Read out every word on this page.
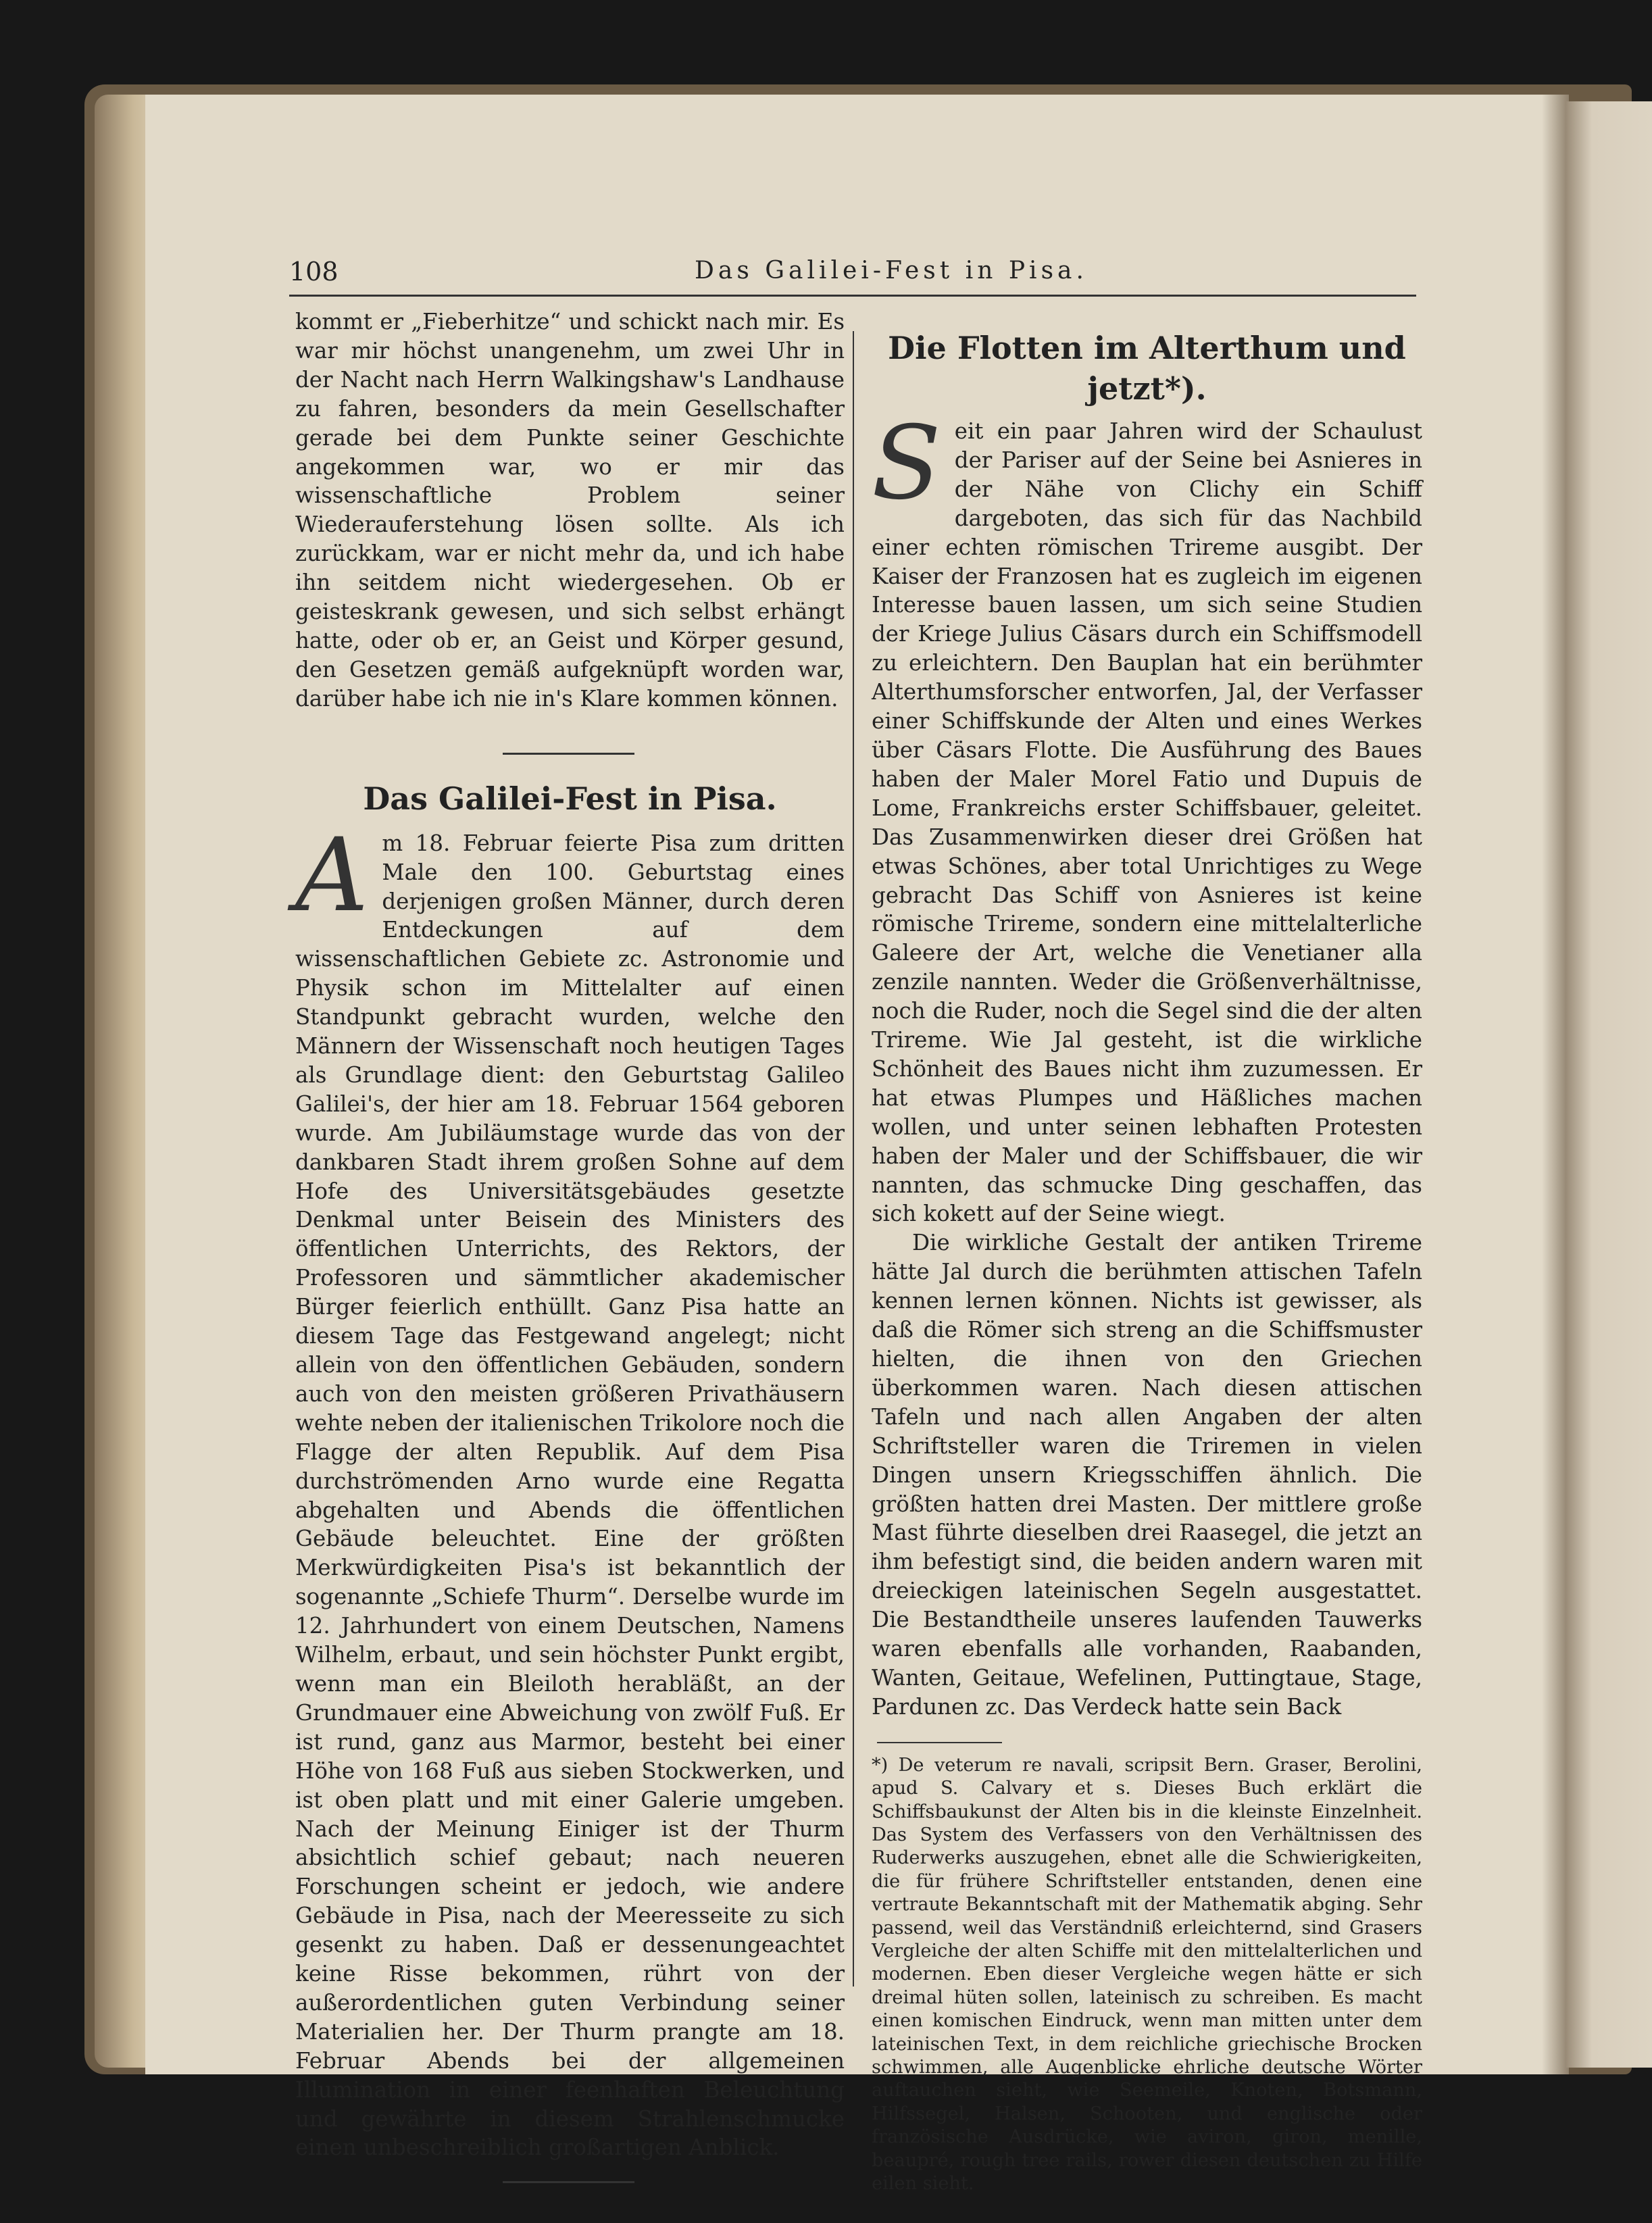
108	Das Galilei-Fest in Pisa.

kommt er „Fieberhitze“ und schickt nach mir. Es war mir höchst unangenehm, um zwei Uhr in der Nacht nach Herrn Walkingshaw's Landhause zu fahren, besonders da mein Gesellschafter gerade bei dem Punkte seiner Geschichte angekommen war, wo er mir das wissenschaftliche Problem seiner Wiederauferstehung lösen sollte. Als ich zurückkam, war er nicht mehr da, und ich habe ihn seitdem nicht wiedergesehen. Ob er geisteskrank gewesen, und sich selbst erhängt hatte, oder ob er, an Geist und Körper gesund, den Gesetzen gemäß aufgeknüpft worden war, darüber habe ich nie in's Klare kommen können.

Das Galilei-Fest in Pisa.

Am 18. Februar feierte Pisa zum dritten Male den 100. Geburtstag eines derjenigen großen Männer, durch deren Entdeckungen auf dem wissenschaftlichen Gebiete zc. Astronomie und Physik schon im Mittelalter auf einen Standpunkt gebracht wurden, welche den Männern der Wissenschaft noch heutigen Tages als Grundlage dient: den Geburtstag Galileo Galilei's, der hier am 18. Februar 1564 geboren wurde. Am Jubiläumstage wurde das von der dankbaren Stadt ihrem großen Sohne auf dem Hofe des Universitätsgebäudes gesetzte Denkmal unter Beisein des Ministers des öffentlichen Unterrichts, des Rektors, der Professoren und sämmtlicher akademischer Bürger feierlich enthüllt. Ganz Pisa hatte an diesem Tage das Festgewand angelegt; nicht allein von den öffentlichen Gebäuden, sondern auch von den meisten größeren Privathäusern wehte neben der italienischen Trikolore noch die Flagge der alten Republik. Auf dem Pisa durchströmenden Arno wurde eine Regatta abgehalten und Abends die öffentlichen Gebäude beleuchtet. Eine der größten Merkwürdigkeiten Pisa's ist bekanntlich der sogenannte „Schiefe Thurm“. Derselbe wurde im 12. Jahrhundert von einem Deutschen, Namens Wilhelm, erbaut, und sein höchster Punkt ergibt, wenn man ein Bleiloth herabläßt, an der Grundmauer eine Abweichung von zwölf Fuß. Er ist rund, ganz aus Marmor, besteht bei einer Höhe von 168 Fuß aus sieben Stockwerken, und ist oben platt und mit einer Galerie umgeben. Nach der Meinung Einiger ist der Thurm absichtlich schief gebaut; nach neueren Forschungen scheint er jedoch, wie andere Gebäude in Pisa, nach der Meeresseite zu sich gesenkt zu haben. Daß er dessenungeachtet keine Risse bekommen, rührt von der außerordentlichen guten Verbindung seiner Materialien her. Der Thurm prangte am 18. Februar Abends bei der allgemeinen Illumination in einer feenhaften Beleuchtung und gewährte in diesem Strahlenschmucke einen unbeschreiblich großartigen Anblick.

Die Flotten im Alterthum und jetzt*).

Seit ein paar Jahren wird der Schaulust der Pariser auf der Seine bei Asnieres in der Nähe von Clichy ein Schiff dargeboten, das sich für das Nachbild einer echten römischen Trireme ausgibt. Der Kaiser der Franzosen hat es zugleich im eigenen Interesse bauen lassen, um sich seine Studien der Kriege Julius Cäsars durch ein Schiffsmodell zu erleichtern. Den Bauplan hat ein berühmter Alterthumsforscher entworfen, Jal, der Verfasser einer Schiffskunde der Alten und eines Werkes über Cäsars Flotte. Die Ausführung des Baues haben der Maler Morel Fatio und Dupuis de Lome, Frankreichs erster Schiffsbauer, geleitet. Das Zusammenwirken dieser drei Größen hat etwas Schönes, aber total Unrichtiges zu Wege gebracht Das Schiff von Asnieres ist keine römische Trireme, sondern eine mittelalterliche Galeere der Art, welche die Venetianer alla zenzile nannten. Weder die Größenverhältnisse, noch die Ruder, noch die Segel sind die der alten Trireme. Wie Jal gesteht, ist die wirkliche Schönheit des Baues nicht ihm zuzumessen. Er hat etwas Plumpes und Häßliches machen wollen, und unter seinen lebhaften Protesten haben der Maler und der Schiffsbauer, die wir nannten, das schmucke Ding geschaffen, das sich kokett auf der Seine wiegt.

Die wirkliche Gestalt der antiken Trireme hätte Jal durch die berühmten attischen Tafeln kennen lernen können. Nichts ist gewisser, als daß die Römer sich streng an die Schiffsmuster hielten, die ihnen von den Griechen überkommen waren. Nach diesen attischen Tafeln und nach allen Angaben der alten Schriftsteller waren die Triremen in vielen Dingen unsern Kriegsschiffen ähnlich. Die größten hatten drei Masten. Der mittlere große Mast führte dieselben drei Raasegel, die jetzt an ihm befestigt sind, die beiden andern waren mit dreieckigen lateinischen Segeln ausgestattet. Die Bestandtheile unseres laufenden Tauwerks waren ebenfalls alle vorhanden, Raabanden, Wanten, Geitaue, Wefelinen, Puttingtaue, Stage, Pardunen zc. Das Verdeck hatte sein Back

*) De veterum re navali, scripsit Bern. Graser, Berolini, apud S. Calvary et s. Dieses Buch erklärt die Schiffsbaukunst der Alten bis in die kleinste Einzelnheit. Das System des Verfassers von den Verhältnissen des Ruderwerks auszugehen, ebnet alle die Schwierigkeiten, die für frühere Schriftsteller entstanden, denen eine vertraute Bekanntschaft mit der Mathematik abging. Sehr passend, weil das Verständniß erleichternd, sind Grasers Vergleiche der alten Schiffe mit den mittelalterlichen und modernen. Eben dieser Vergleiche wegen hätte er sich dreimal hüten sollen, lateinisch zu schreiben. Es macht einen komischen Eindruck, wenn man mitten unter dem lateinischen Text, in dem reichliche griechische Brocken schwimmen, alle Augenblicke ehrliche deutsche Wörter auftauchen sieht, wie Seemeile, Knoten, Botsmann, Hilfssegel, Halsen, Schooten, und englische oder französische Ausdrücke, wie aviron, giron, menille, beaupré, rough tree rails, rower diesen deutschen zu Hilfe eilen sieht.
